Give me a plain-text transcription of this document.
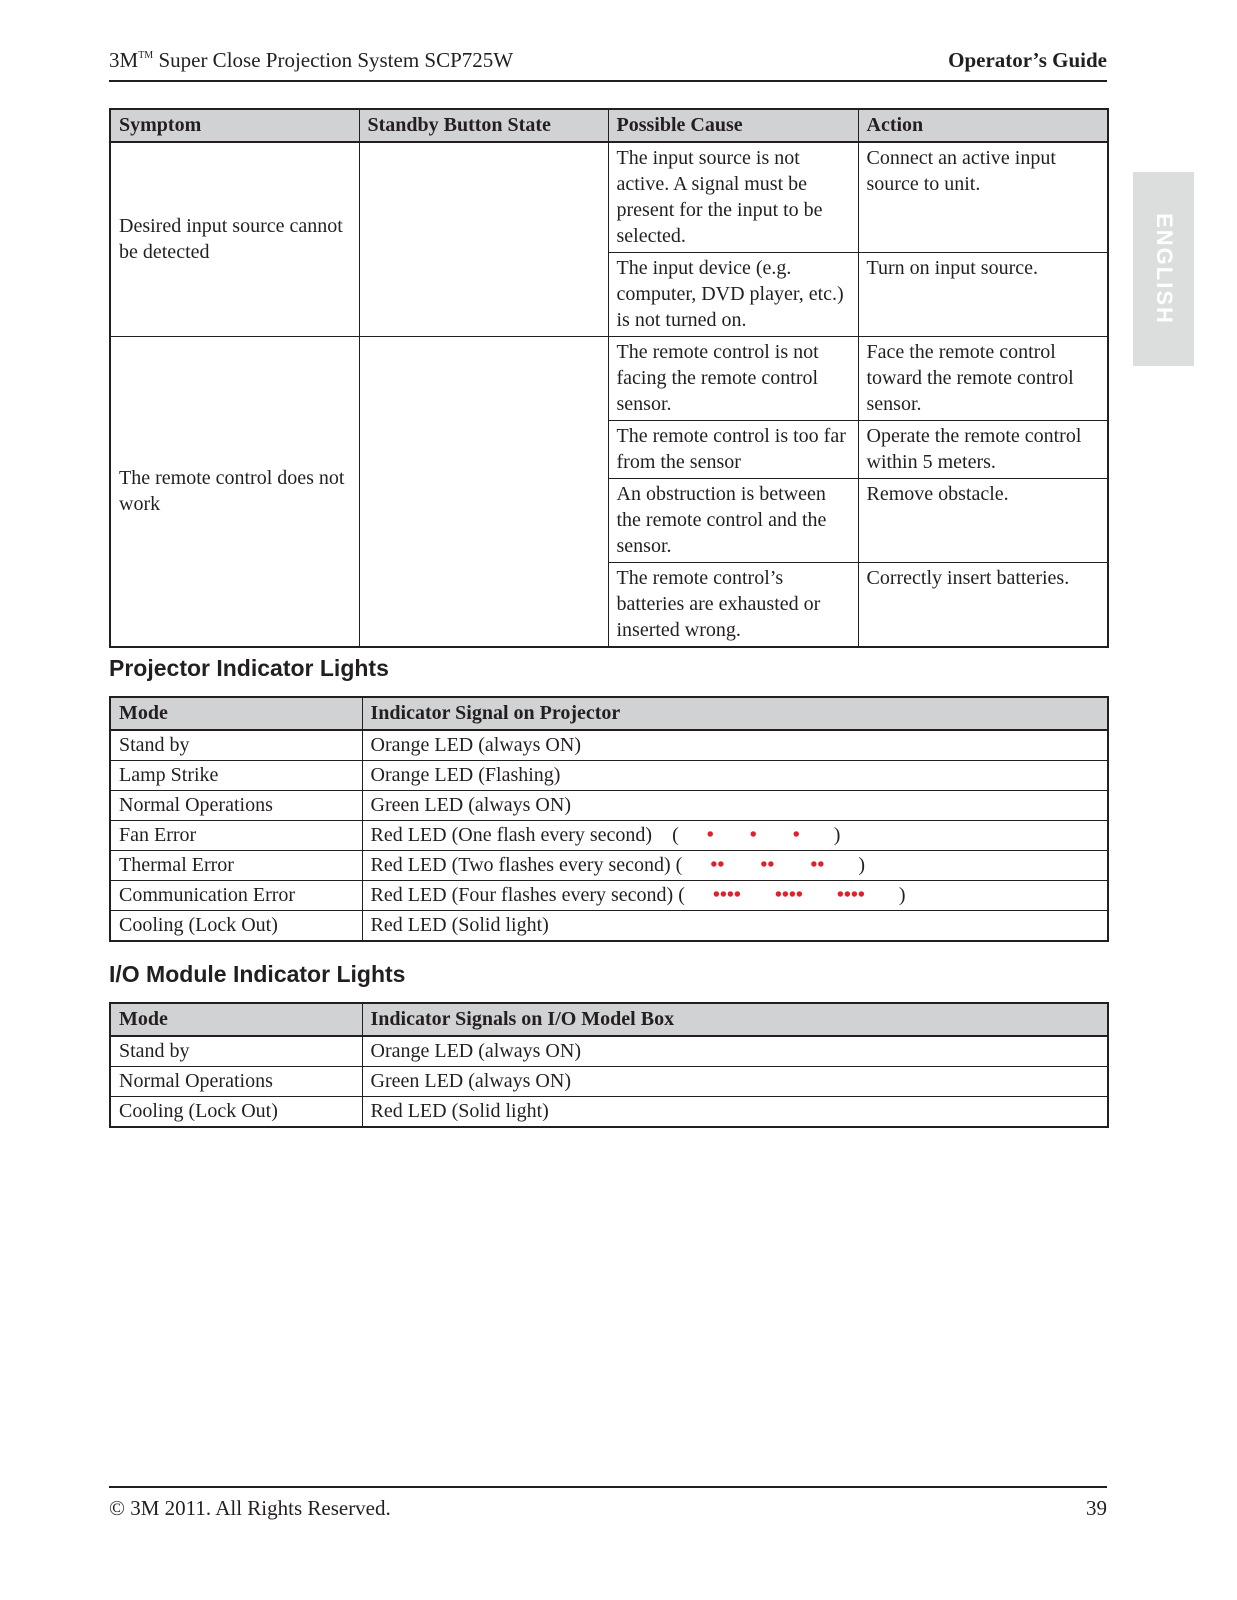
3M™ Super Close Projection System SCP725W	Operator’s Guide
ENGLISH
Symptom	Standby Button State	Possible Cause	Action
Desired input source cannot be detected		The input source is not active. A signal must be present for the input to be selected.	Connect an active input source to unit.
		The input device (e.g. computer, DVD player, etc.) is not turned on.	Turn on input source.
The remote control does not work		The remote control is not facing the remote control sensor.	Face the remote control toward the remote control sensor.
		The remote control is too far from the sensor	Operate the remote control within 5 meters.
		An obstruction is between the remote control and the sensor.	Remove obstacle.
		The remote control’s batteries are exhausted or inserted wrong.	Correctly insert batteries.
Projector Indicator Lights
Mode	Indicator Signal on Projector
Stand by	Orange LED (always ON)
Lamp Strike	Orange LED (Flashing)
Normal Operations	Green LED (always ON)
Fan Error	Red LED (One flash every second)    ( • • • )
Thermal Error	Red LED (Two flashes every second) ( •• •• •• )
Communication Error	Red LED (Four flashes every second) ( •••• •••• •••• )
Cooling (Lock Out)	Red LED (Solid light)
I/O Module Indicator Lights
Mode	Indicator Signals on I/O Model Box
Stand by	Orange LED (always ON)
Normal Operations	Green LED (always ON)
Cooling (Lock Out)	Red LED (Solid light)
© 3M 2011. All Rights Reserved.	39
